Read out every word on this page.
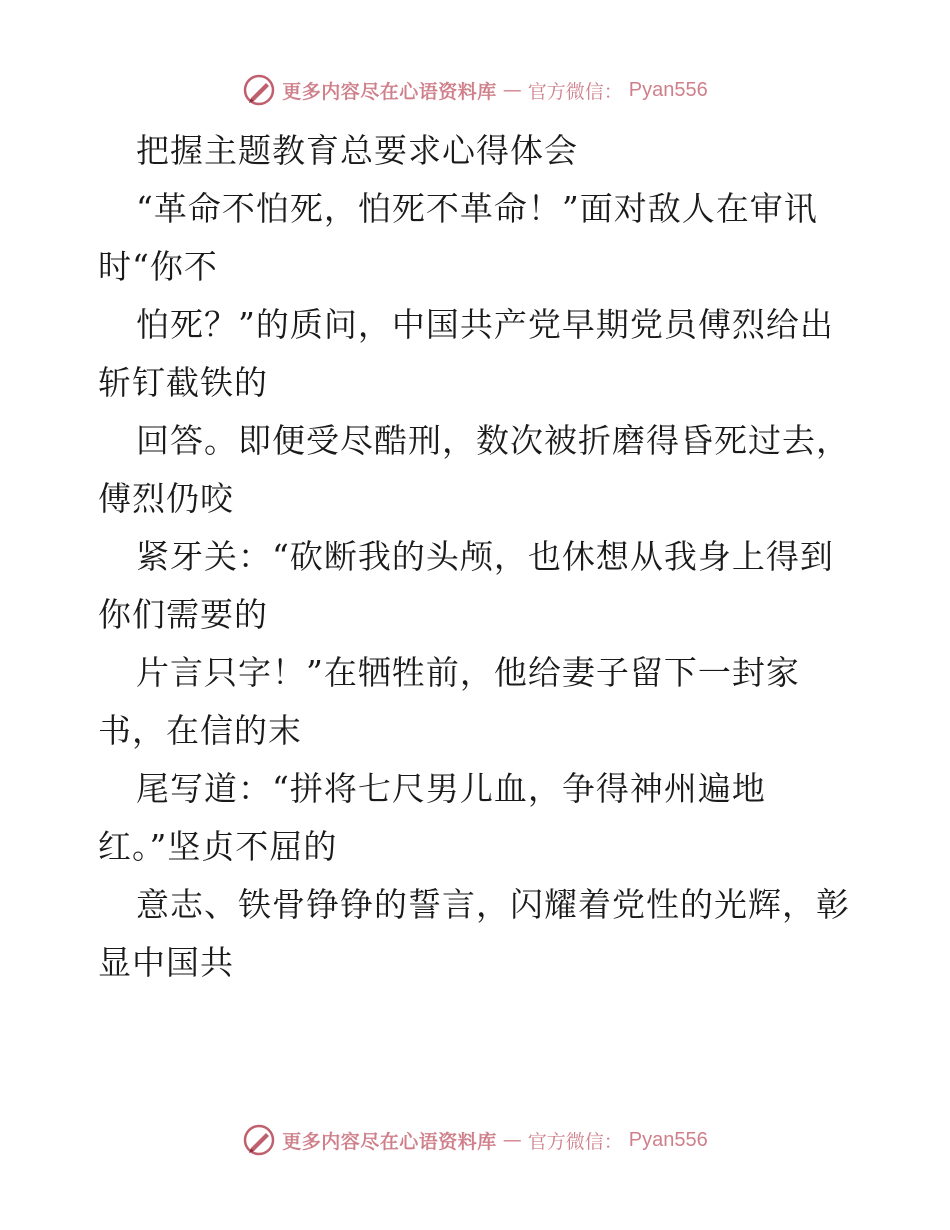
更多内容尽在心语资料库 — 官方微信： Pyan556
把握主题教育总要求心得体会
“革命不怕死，怕死不革命！”面对敌人在审讯
时“你不
怕死？”的质问，中国共产党早期党员傅烈给出
斩钉截铁的
回答。即便受尽酷刑，数次被折磨得昏死过去，
傅烈仍咬
紧牙关：“砍断我的头颅，也休想从我身上得到
你们需要的
片言只字！”在牺牲前，他给妻子留下一封家
书，在信的末
尾写道：“拼将七尺男儿血，争得神州遍地
红。”坚贞不屈的
意志、铁骨铮铮的誓言，闪耀着党性的光辉，彰
显中国共
更多内容尽在心语资料库 — 官方微信： Pyan556
